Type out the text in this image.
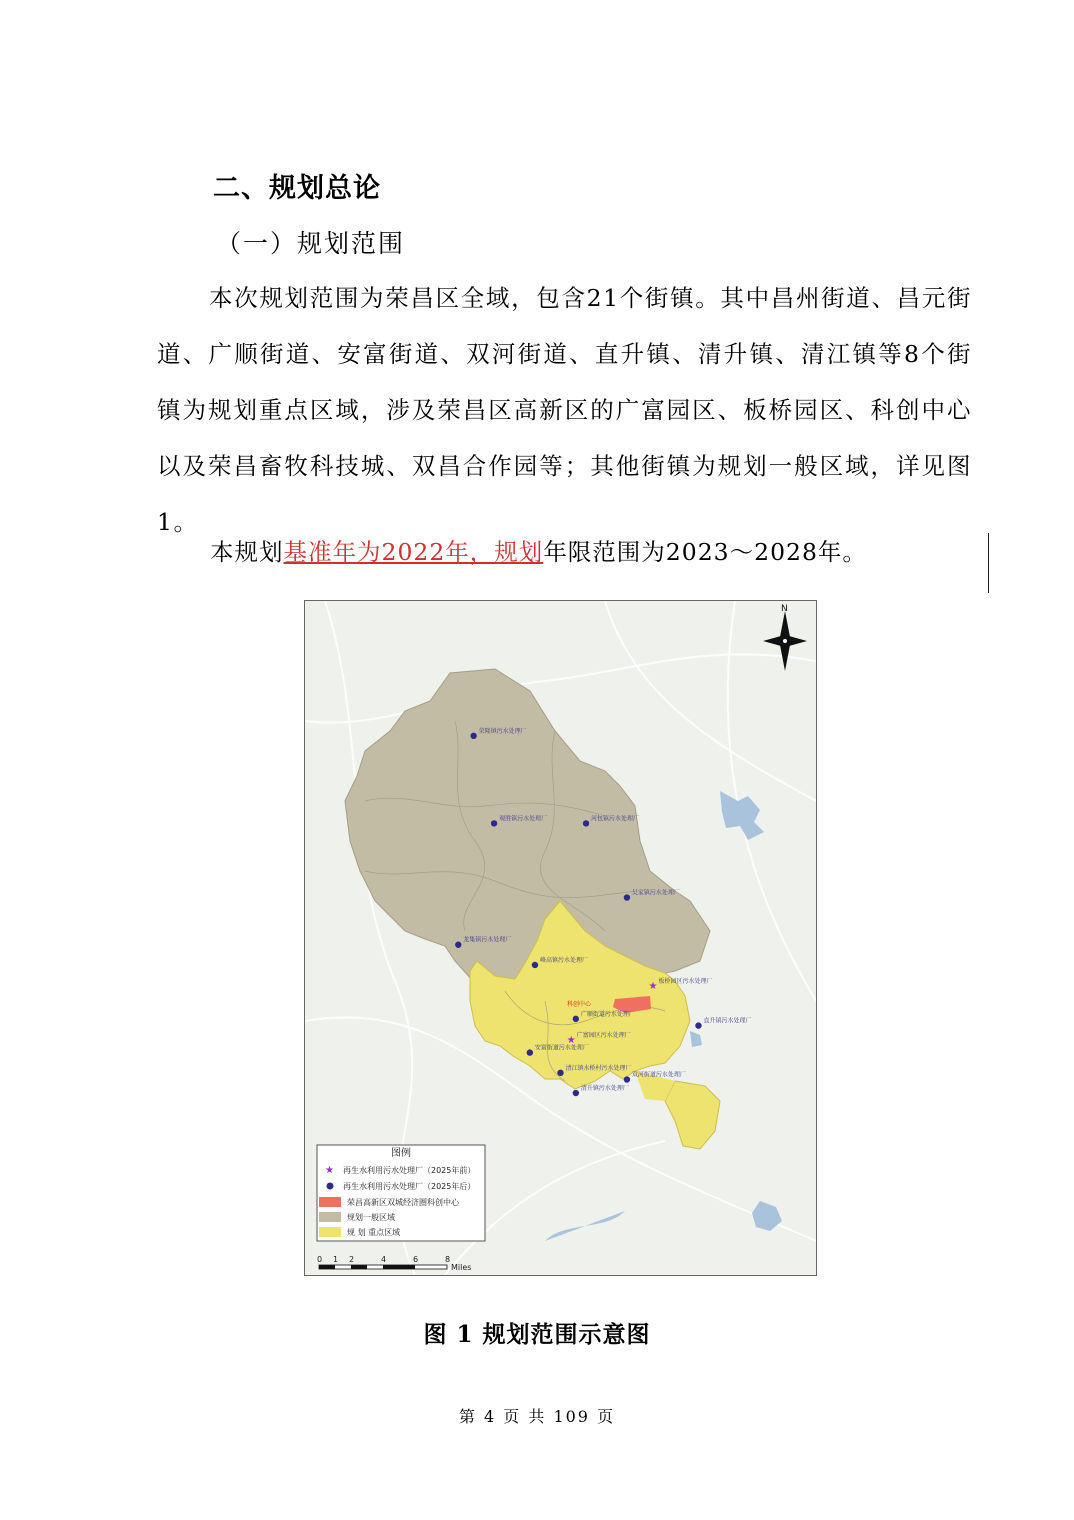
二、规划总论
（一）规划范围
本次规划范围为荣昌区全域，包含21个街镇。其中昌州街道、昌元街道、广顺街道、安富街道、双河街道、直升镇、清升镇、清江镇等8个街镇为规划重点区域，涉及荣昌区高新区的广富园区、板桥园区、科创中心以及荣昌畜牧科技城、双昌合作园等；其他街镇为规划一般区域，详见图1。
本规划基准年为2022年，规划年限范围为2023～2028年。
科创中心
N
荣隆镇污水处理厂
观胜镇污水处理厂	河包镇污水处理厂
吴家镇污水处理厂
龙集镇污水处理厂
峰高镇污水处理厂
广顺街道污水处理厂
直升镇污水处理厂
安富街道污水处理厂
清江镇水桥村污水处理厂
双河街道污水处理厂
清升镇污水处理厂
★ 板桥园区污水处理厂
★ 广富园区污水处理厂
图例
★ 再生水利用污水处理厂（2025年前）
再生水利用污水处理厂（2025年后）
荣昌高新区双城经济圈科创中心
规划一般区域
规 划 重点区域
0 1 2	4	6	8
Miles
图 1 规划范围示意图
第 4 页 共 109 页
